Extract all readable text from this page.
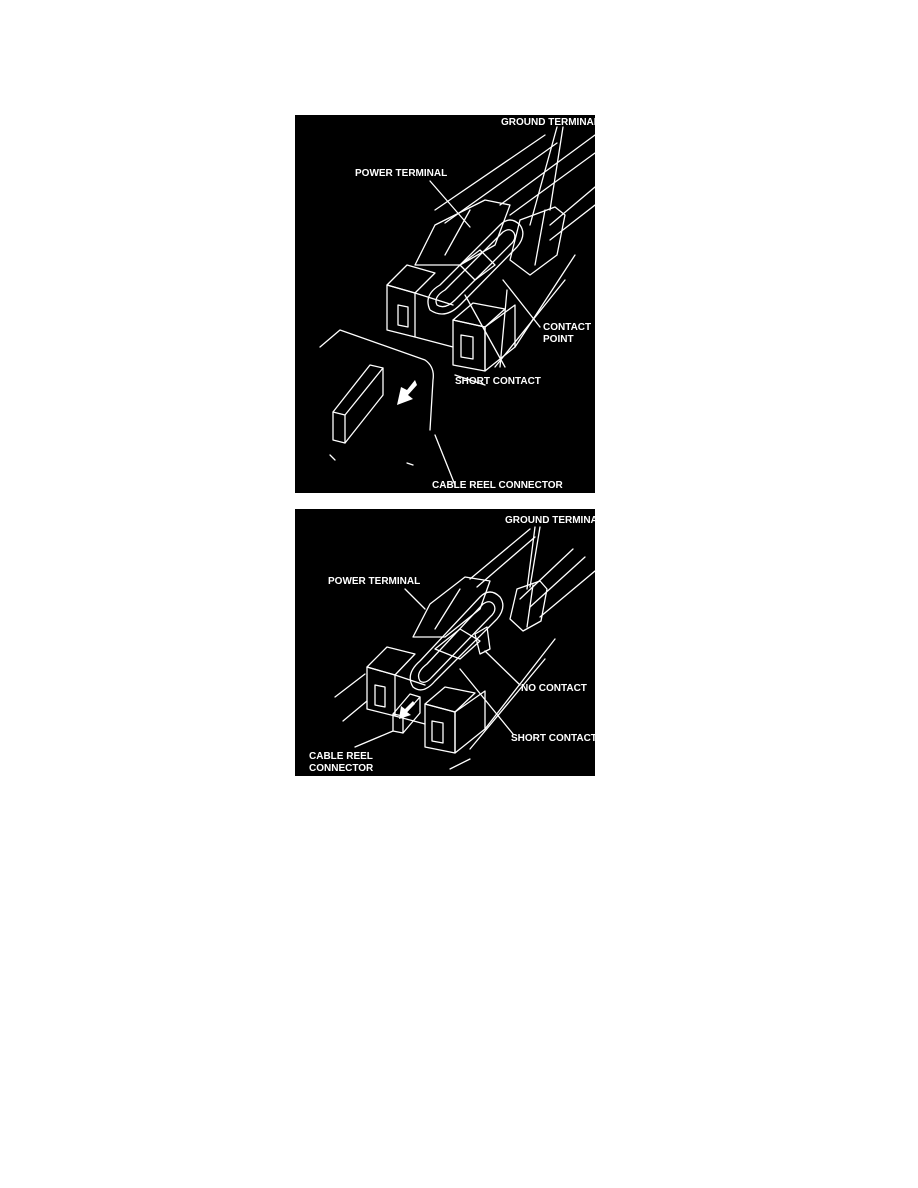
GROUND TERMINAL
POWER TERMINAL
CONTACT
POINT
SHORT CONTACT
CABLE REEL CONNECTOR
GROUND TERMINAL
POWER TERMINAL
NO CONTACT
SHORT CONTACT
CABLE REEL
CONNECTOR
